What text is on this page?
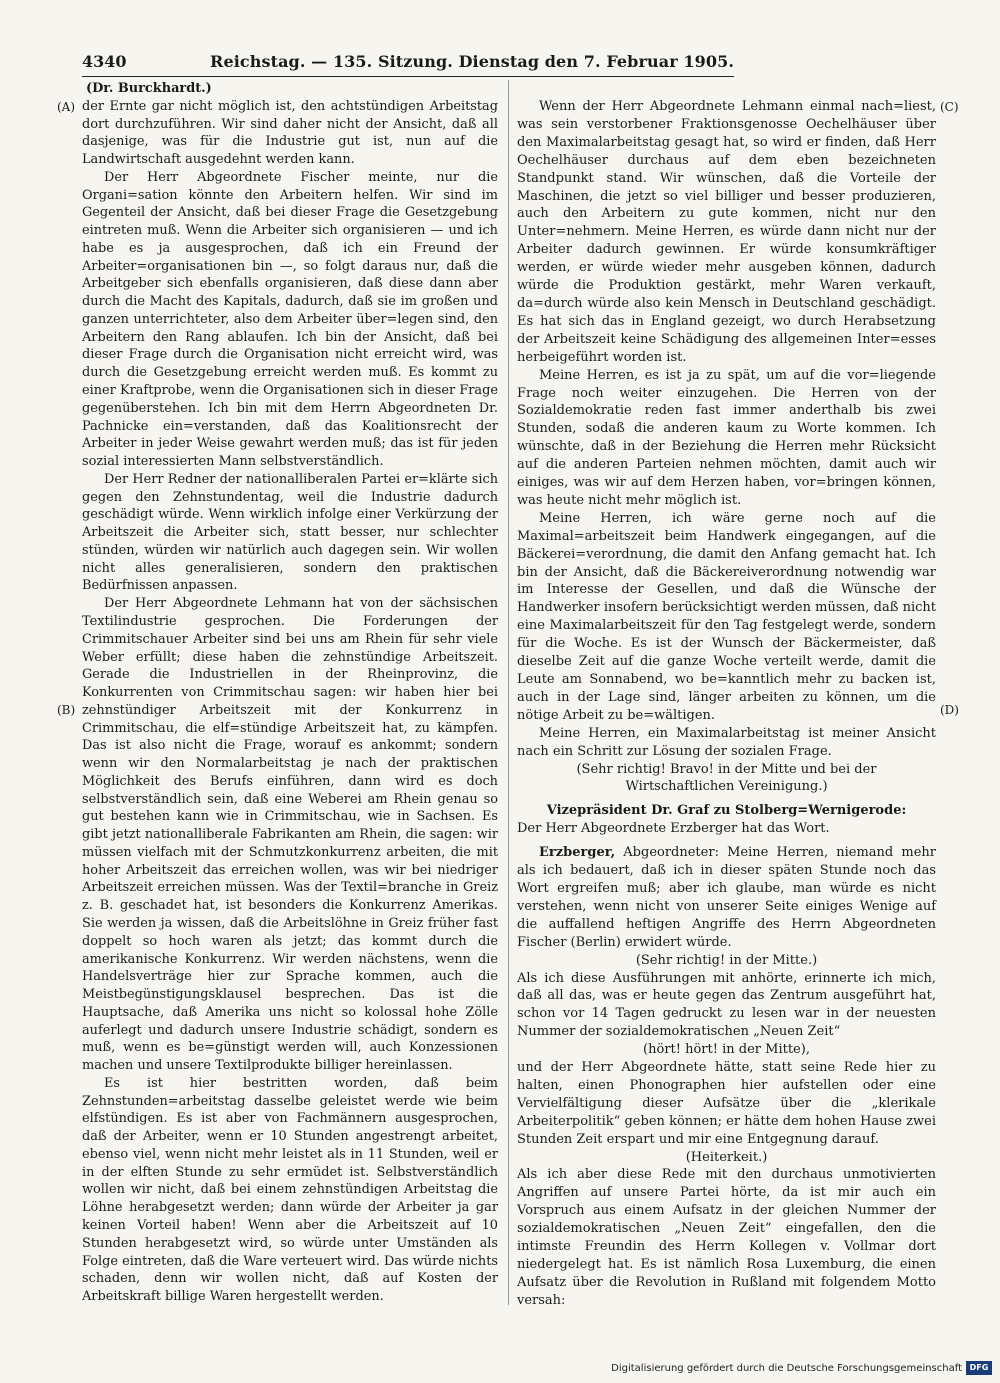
4340	Reichstag. — 135. Sitzung. Dienstag den 7. Februar 1905.
(A)
(B)
(C)
(D)

(Dr. Burckhardt.)

der Ernte gar nicht möglich ist, den achtstündigen Arbeitstag dort durchzuführen. Wir sind daher nicht der Ansicht, daß all dasjenige, was für die Industrie gut ist, nun auf die Landwirtschaft ausgedehnt werden kann.

Der Herr Abgeordnete Fischer meinte, nur die Organi=sation könnte den Arbeitern helfen. Wir sind im Gegenteil der Ansicht, daß bei dieser Frage die Gesetzgebung eintreten muß. Wenn die Arbeiter sich organisieren — und ich habe es ja ausgesprochen, daß ich ein Freund der Arbeiter=organisationen bin —, so folgt daraus nur, daß die Arbeitgeber sich ebenfalls organisieren, daß diese dann aber durch die Macht des Kapitals, dadurch, daß sie im großen und ganzen unterrichteter, also dem Arbeiter über=legen sind, den Arbeitern den Rang ablaufen. Ich bin der Ansicht, daß bei dieser Frage durch die Organisation nicht erreicht wird, was durch die Gesetzgebung erreicht werden muß. Es kommt zu einer Kraftprobe, wenn die Organisationen sich in dieser Frage gegenüberstehen. Ich bin mit dem Herrn Abgeordneten Dr. Pachnicke ein=verstanden, daß das Koalitionsrecht der Arbeiter in jeder Weise gewahrt werden muß; das ist für jeden sozial interessierten Mann selbstverständlich.

Der Herr Redner der nationalliberalen Partei er=klärte sich gegen den Zehnstundentag, weil die Industrie dadurch geschädigt würde. Wenn wirklich infolge einer Verkürzung der Arbeitszeit die Arbeiter sich, statt besser, nur schlechter stünden, würden wir natürlich auch dagegen sein. Wir wollen nicht alles generalisieren, sondern den praktischen Bedürfnissen anpassen.

Der Herr Abgeordnete Lehmann hat von der sächsischen Textilindustrie gesprochen. Die Forderungen der Crimmitschauer Arbeiter sind bei uns am Rhein für sehr viele Weber erfüllt; diese haben die zehnstündige Arbeitszeit. Gerade die Industriellen in der Rheinprovinz, die Konkurrenten von Crimmitschau sagen: wir haben hier bei zehnstündiger Arbeitszeit mit der Konkurrenz in Crimmitschau, die elf=stündige Arbeitszeit hat, zu kämpfen. Das ist also nicht die Frage, worauf es ankommt; sondern wenn wir den Normalarbeitstag je nach der praktischen Möglichkeit des Berufs einführen, dann wird es doch selbstverständlich sein, daß eine Weberei am Rhein genau so gut bestehen kann wie in Crimmitschau, wie in Sachsen. Es gibt jetzt nationalliberale Fabrikanten am Rhein, die sagen: wir müssen vielfach mit der Schmutzkonkurrenz arbeiten, die mit hoher Arbeitszeit das erreichen wollen, was wir bei niedriger Arbeitszeit erreichen müssen. Was der Textil=branche in Greiz z. B. geschadet hat, ist besonders die Konkurrenz Amerikas. Sie werden ja wissen, daß die Arbeitslöhne in Greiz früher fast doppelt so hoch waren als jetzt; das kommt durch die amerikanische Konkurrenz. Wir werden nächstens, wenn die Handelsverträge hier zur Sprache kommen, auch die Meistbegünstigungsklausel besprechen. Das ist die Hauptsache, daß Amerika uns nicht so kolossal hohe Zölle auferlegt und dadurch unsere Industrie schädigt, sondern es muß, wenn es be=günstigt werden will, auch Konzessionen machen und unsere Textilprodukte billiger hereinlassen.

Es ist hier bestritten worden, daß beim Zehnstunden=arbeitstag dasselbe geleistet werde wie beim elfstündigen. Es ist aber von Fachmännern ausgesprochen, daß der Arbeiter, wenn er 10 Stunden angestrengt arbeitet, ebenso viel, wenn nicht mehr leistet als in 11 Stunden, weil er in der elften Stunde zu sehr ermüdet ist. Selbstverständlich wollen wir nicht, daß bei einem zehnstündigen Arbeitstag die Löhne herabgesetzt werden; dann würde der Arbeiter ja gar keinen Vorteil haben! Wenn aber die Arbeitszeit auf 10 Stunden herabgesetzt wird, so würde unter Umständen als Folge eintreten, daß die Ware verteuert wird. Das würde nichts schaden, denn wir wollen nicht, daß auf Kosten der Arbeitskraft billige Waren hergestellt werden.

Wenn der Herr Abgeordnete Lehmann einmal nach=liest, was sein verstorbener Fraktionsgenosse Oechelhäuser über den Maximalarbeitstag gesagt hat, so wird er finden, daß Herr Oechelhäuser durchaus auf dem eben bezeichneten Standpunkt stand. Wir wünschen, daß die Vorteile der Maschinen, die jetzt so viel billiger und besser produzieren, auch den Arbeitern zu gute kommen, nicht nur den Unter=nehmern. Meine Herren, es würde dann nicht nur der Arbeiter dadurch gewinnen. Er würde konsumkräftiger werden, er würde wieder mehr ausgeben können, dadurch würde die Produktion gestärkt, mehr Waren verkauft, da=durch würde also kein Mensch in Deutschland geschädigt. Es hat sich das in England gezeigt, wo durch Herabsetzung der Arbeitszeit keine Schädigung des allgemeinen Inter=esses herbeigeführt worden ist.

Meine Herren, es ist ja zu spät, um auf die vor=liegende Frage noch weiter einzugehen. Die Herren von der Sozialdemokratie reden fast immer anderthalb bis zwei Stunden, sodaß die anderen kaum zu Worte kommen. Ich wünschte, daß in der Beziehung die Herren mehr Rücksicht auf die anderen Parteien nehmen möchten, damit auch wir einiges, was wir auf dem Herzen haben, vor=bringen können, was heute nicht mehr möglich ist.

Meine Herren, ich wäre gerne noch auf die Maximal=arbeitszeit beim Handwerk eingegangen, auf die Bäckerei=verordnung, die damit den Anfang gemacht hat. Ich bin der Ansicht, daß die Bäckereiverordnung notwendig war im Interesse der Gesellen, und daß die Wünsche der Handwerker insofern berücksichtigt werden müssen, daß nicht eine Maximalarbeitszeit für den Tag festgelegt werde, sondern für die Woche. Es ist der Wunsch der Bäckermeister, daß dieselbe Zeit auf die ganze Woche verteilt werde, damit die Leute am Sonnabend, wo be=kanntlich mehr zu backen ist, auch in der Lage sind, länger arbeiten zu können, um die nötige Arbeit zu be=wältigen.

Meine Herren, ein Maximalarbeitstag ist meiner Ansicht nach ein Schritt zur Lösung der sozialen Frage.

(Sehr richtig! Bravo! in der Mitte und bei der Wirtschaftlichen Vereinigung.)

Vizepräsident Dr. Graf zu Stolberg=Wernigerode:

Der Herr Abgeordnete Erzberger hat das Wort.

Erzberger, Abgeordneter: Meine Herren, niemand mehr als ich bedauert, daß ich in dieser späten Stunde noch das Wort ergreifen muß; aber ich glaube, man würde es nicht verstehen, wenn nicht von unserer Seite einiges Wenige auf die auffallend heftigen Angriffe des Herrn Abgeordneten Fischer (Berlin) erwidert würde.

(Sehr richtig! in der Mitte.)

Als ich diese Ausführungen mit anhörte, erinnerte ich mich, daß all das, was er heute gegen das Zentrum ausgeführt hat, schon vor 14 Tagen gedruckt zu lesen war in der neuesten Nummer der sozialdemokratischen „Neuen Zeit“

(hört! hört! in der Mitte),

und der Herr Abgeordnete hätte, statt seine Rede hier zu halten, einen Phonographen hier aufstellen oder eine Vervielfältigung dieser Aufsätze über die „klerikale Arbeiterpolitik“ geben können; er hätte dem hohen Hause zwei Stunden Zeit erspart und mir eine Entgegnung darauf.

(Heiterkeit.)

Als ich aber diese Rede mit den durchaus unmotivierten Angriffen auf unsere Partei hörte, da ist mir auch ein Vorspruch aus einem Aufsatz in der gleichen Nummer der sozialdemokratischen „Neuen Zeit“ eingefallen, den die intimste Freundin des Herrn Kollegen v. Vollmar dort niedergelegt hat. Es ist nämlich Rosa Luxemburg, die einen Aufsatz über die Revolution in Rußland mit folgendem Motto versah:

Digitalisierung gefördert durch die Deutsche Forschungsgemeinschaft DFG
